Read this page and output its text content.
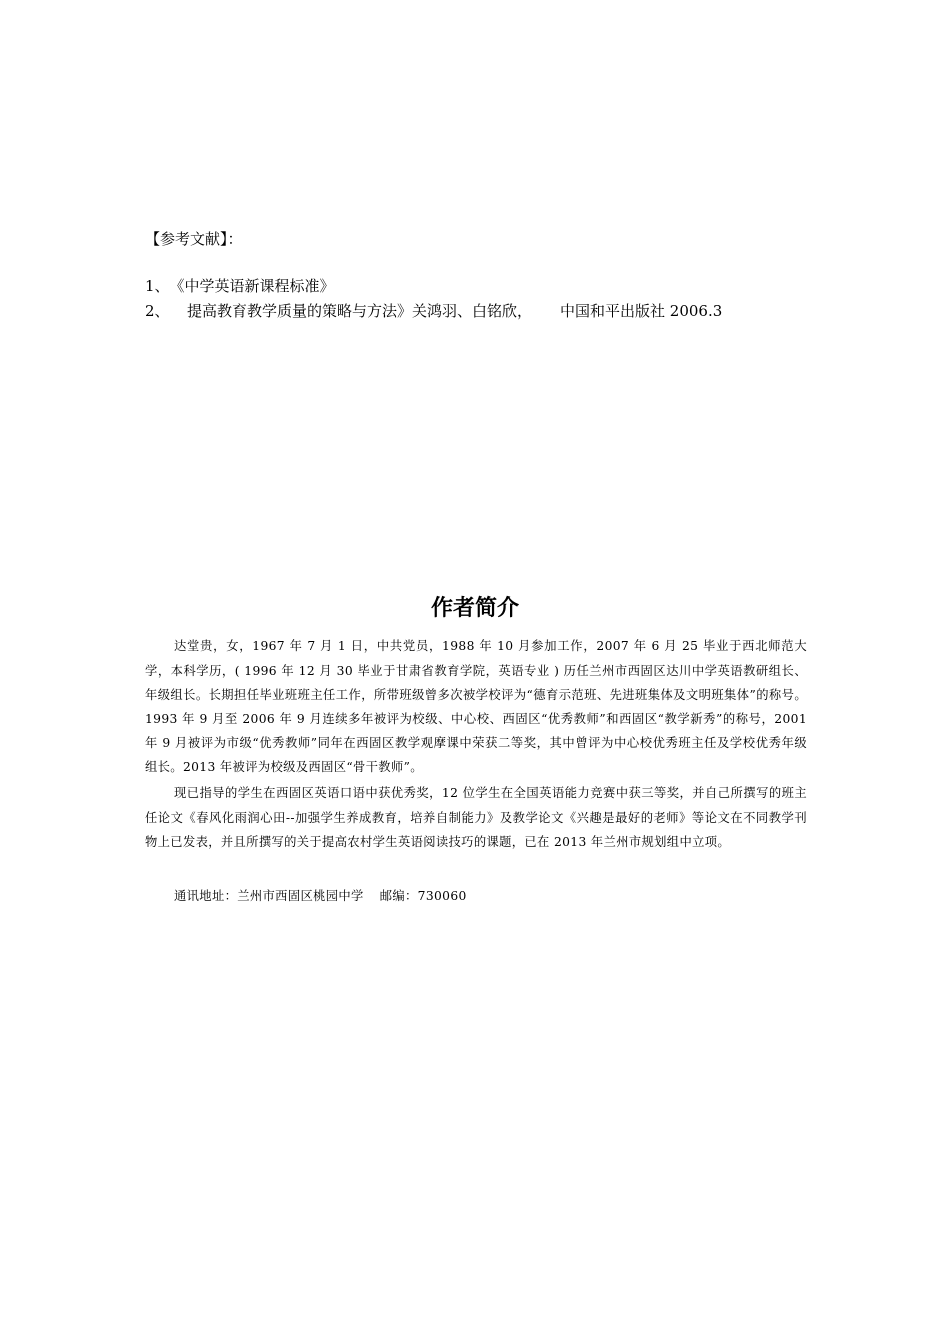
【参考文献】：
1、《中学英语新课程标准》
2、 提高教育教学质量的策略与方法》关鸿羽、白铭欣， 中国和平出版社 2006.3
作者简介

达堂贵，女，1967 年 7 月 1 日，中共党员，1988 年 10 月参加工作，2007 年 6 月 25 毕业于西北师范大学，本科学历，( 1996 年 12 月 30 毕业于甘肃省教育学院，英语专业 ) 历任兰州市西固区达川中学英语教研组长、年级组长。长期担任毕业班班主任工作，所带班级曾多次被学校评为“德育示范班、先进班集体及文明班集体”的称号。1993 年 9 月至 2006 年 9 月连续多年被评为校级、中心校、西固区“优秀教师”和西固区“教学新秀”的称号，2001 年 9 月被评为市级“优秀教师”同年在西固区教学观摩课中荣获二等奖，其中曾评为中心校优秀班主任及学校优秀年级组长。2013 年被评为校级及西固区“骨干教师”。

现已指导的学生在西固区英语口语中获优秀奖，12 位学生在全国英语能力竞赛中获三等奖，并自己所撰写的班主任论文《春风化雨润心田--加强学生养成教育，培养自制能力》及教学论文《兴趣是最好的老师》等论文在不同教学刊物上已发表，并且所撰写的关于提高农村学生英语阅读技巧的课题，已在 2013 年兰州市规划组中立项。

通讯地址：兰州市西固区桃园中学 邮编：730060
